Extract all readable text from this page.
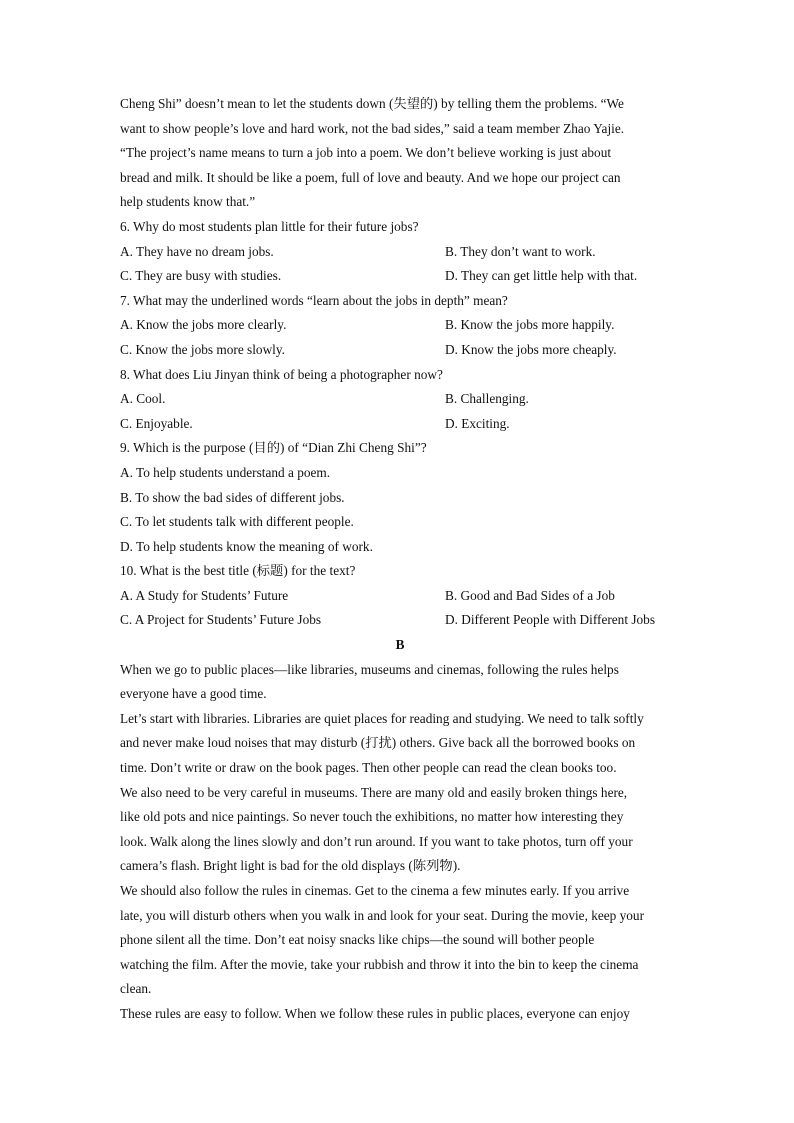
Cheng Shi” doesn’t mean to let the students down (失望的) by telling them the problems. “We
want to show people’s love and hard work, not the bad sides,” said a team member Zhao Yajie.
“The project’s name means to turn a job into a poem. We don’t believe working is just about
bread and milk. It should be like a poem, full of love and beauty. And we hope our project can
help students know that.”
6. Why do most students plan little for their future jobs?
A. They have no dream jobs.	B. They don’t want to work.
C. They are busy with studies.	D. They can get little help with that.
7. What may the underlined words “learn about the jobs in depth” mean?
A. Know the jobs more clearly.	B. Know the jobs more happily.
C. Know the jobs more slowly.	D. Know the jobs more cheaply.
8. What does Liu Jinyan think of being a photographer now?
A. Cool.	B. Challenging.
C. Enjoyable.	D. Exciting.
9. Which is the purpose (目的) of “Dian Zhi Cheng Shi”?
A. To help students understand a poem.
B. To show the bad sides of different jobs.
C. To let students talk with different people.
D. To help students know the meaning of work.
10. What is the best title (标题) for the text?
A. A Study for Students’ Future	B. Good and Bad Sides of a Job
C. A Project for Students’ Future Jobs	D. Different People with Different Jobs
B
When we go to public places—like libraries, museums and cinemas, following the rules helps
everyone have a good time.
Let’s start with libraries. Libraries are quiet places for reading and studying. We need to talk softly
and never make loud noises that may disturb (打扰) others. Give back all the borrowed books on
time. Don’t write or draw on the book pages. Then other people can read the clean books too.
We also need to be very careful in museums. There are many old and easily broken things here,
like old pots and nice paintings. So never touch the exhibitions, no matter how interesting they
look. Walk along the lines slowly and don’t run around. If you want to take photos, turn off your
camera’s flash. Bright light is bad for the old displays (陈列物).
We should also follow the rules in cinemas. Get to the cinema a few minutes early. If you arrive
late, you will disturb others when you walk in and look for your seat. During the movie, keep your
phone silent all the time. Don’t eat noisy snacks like chips—the sound will bother people
watching the film. After the movie, take your rubbish and throw it into the bin to keep the cinema
clean.
These rules are easy to follow. When we follow these rules in public places, everyone can enjoy
